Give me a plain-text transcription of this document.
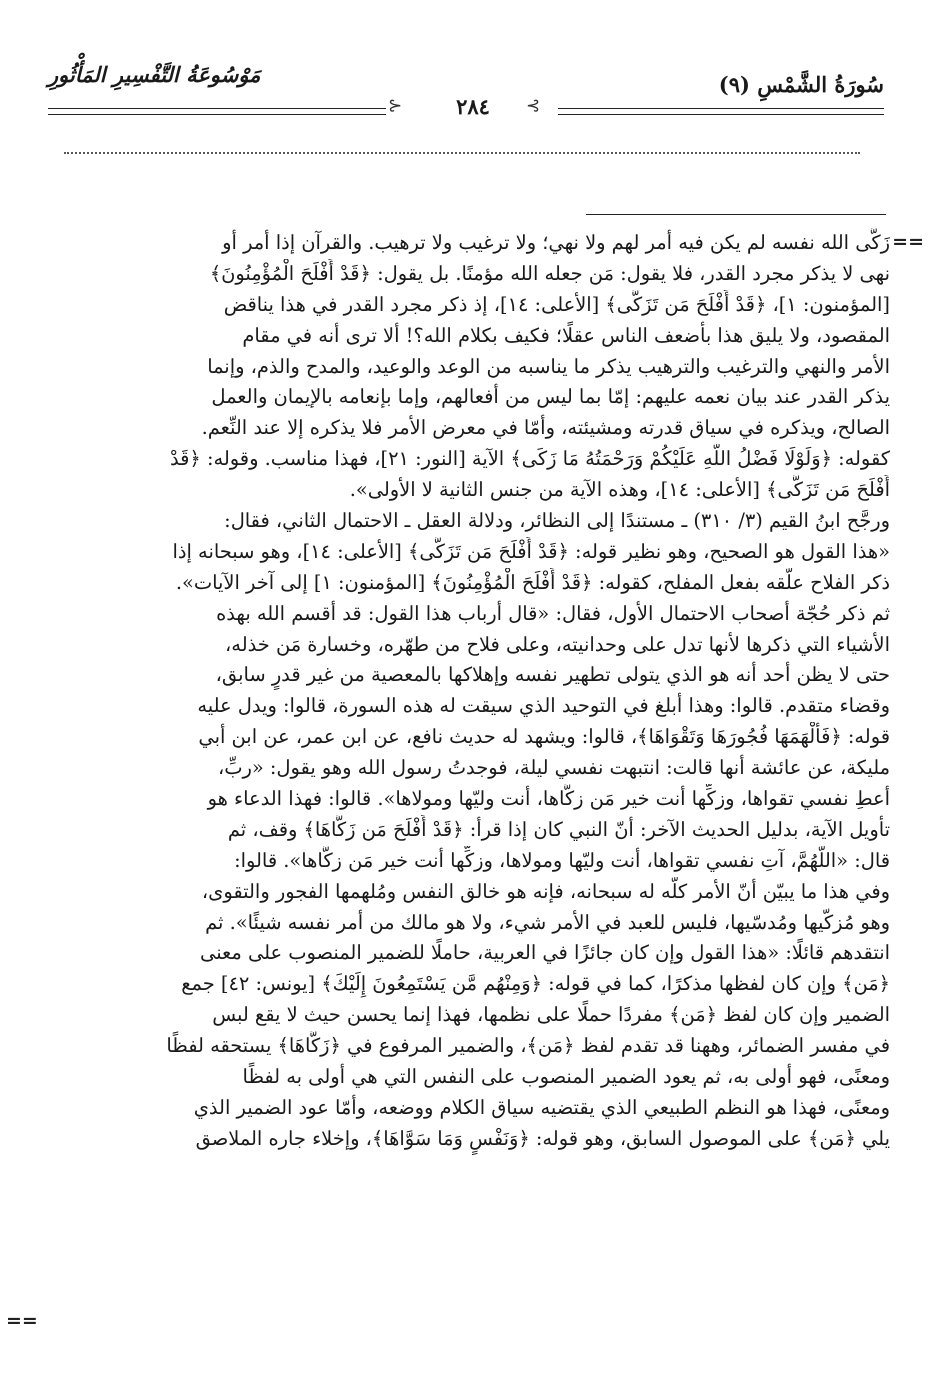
سُورَةُ الشَّمْسِ (٩)
مَوْسُوعَةُ التَّفْسِيرِ المَأْثُورِ
⊰	٢٨٤	⊱
==
زَكَّى الله نفسه لم يكن فيه أمر لهم ولا نهي؛ ولا ترغيب ولا ترهيب. والقرآن إذا أمر أو
نهى لا يذكر مجرد القدر، فلا يقول: مَن جعله الله مؤمنًا. بل يقول: ﴿قَدْ أَفْلَحَ الْمُؤْمِنُونَ﴾
[المؤمنون: ١]، ﴿قَدْ أَفْلَحَ مَن تَزَكَّى﴾ [الأعلى: ١٤]، إذ ذكر مجرد القدر في هذا يناقض
المقصود، ولا يليق هذا بأضعف الناس عقلًا؛ فكيف بكلام الله؟! ألا ترى أنه في مقام
الأمر والنهي والترغيب والترهيب يذكر ما يناسبه من الوعد والوعيد، والمدح والذم، وإنما
يذكر القدر عند بيان نعمه عليهم: إمّا بما ليس من أفعالهم، وإما بإنعامه بالإيمان والعمل
الصالح، ويذكره في سياق قدرته ومشيئته، وأمّا في معرض الأمر فلا يذكره إلا عند النِّعم.
كقوله: ﴿وَلَوْلَا فَضْلُ اللَّهِ عَلَيْكُمْ وَرَحْمَتُهُ مَا زَكَى﴾ الآية [النور: ٢١]، فهذا مناسب. وقوله: ﴿قَدْ
أَفْلَحَ مَن تَزَكَّى﴾ [الأعلى: ١٤]، وهذه الآية من جنس الثانية لا الأولى».
ورجَّح ابنُ القيم (٣/ ٣١٠) ـ مستندًا إلى النظائر، ودلالة العقل ـ الاحتمال الثاني، فقال:
«هذا القول هو الصحيح، وهو نظير قوله: ﴿قَدْ أَفْلَحَ مَن تَزَكَّى﴾ [الأعلى: ١٤]، وهو سبحانه إذا
ذكر الفلاح علّقه بفعل المفلح، كقوله: ﴿قَدْ أَفْلَحَ الْمُؤْمِنُونَ﴾ [المؤمنون: ١] إلى آخر الآيات».
ثم ذكر حُجّة أصحاب الاحتمال الأول، فقال: «قال أرباب هذا القول: قد أقسم الله بهذه
الأشياء التي ذكرها لأنها تدل على وحدانيته، وعلى فلاح من طهّره، وخسارة مَن خذله،
حتى لا يظن أحد أنه هو الذي يتولى تطهير نفسه وإهلاكها بالمعصية من غير قدرٍ سابق،
وقضاء متقدم. قالوا: وهذا أبلغ في التوحيد الذي سيقت له هذه السورة، قالوا: ويدل عليه
قوله: ﴿فَأَلْهَمَهَا فُجُورَهَا وَتَقْوَاهَا﴾، قالوا: ويشهد له حديث نافع، عن ابن عمر، عن ابن أبي
مليكة، عن عائشة أنها قالت: انتبهت نفسي ليلة، فوجدتُ رسول الله وهو يقول: «ربِّ،
أعطِ نفسي تقواها، وزكِّها أنت خير مَن زكَّاها، أنت وليّها ومولاها». قالوا: فهذا الدعاء هو
تأويل الآية، بدليل الحديث الآخر: أنّ النبي كان إذا قرأ: ﴿قَدْ أَفْلَحَ مَن زَكَّاهَا﴾ وقف، ثم
قال: «اللَّهُمَّ، آتِ نفسي تقواها، أنت وليّها ومولاها، وزكِّها أنت خير مَن زكَّاها». قالوا:
وفي هذا ما يبيّن أنّ الأمر كلّه له سبحانه، فإنه هو خالق النفس ومُلهمها الفجور والتقوى،
وهو مُزكّيها ومُدسّيها، فليس للعبد في الأمر شيء، ولا هو مالك من أمر نفسه شيئًا». ثم
انتقدهم قائلًا: «هذا القول وإن كان جائزًا في العربية، حاملًا للضمير المنصوب على معنى
﴿مَن﴾ وإن كان لفظها مذكرًا، كما في قوله: ﴿وَمِنْهُم مَّن يَسْتَمِعُونَ إِلَيْكَ﴾ [يونس: ٤٢] جمع
الضمير وإن كان لفظ ﴿مَن﴾ مفردًا حملًا على نظمها، فهذا إنما يحسن حيث لا يقع لبس
في مفسر الضمائر، وههنا قد تقدم لفظ ﴿مَن﴾، والضمير المرفوع في ﴿زَكَّاهَا﴾ يستحقه لفظًا
ومعنًى، فهو أولى به، ثم يعود الضمير المنصوب على النفس التي هي أولى به لفظًا
ومعنًى، فهذا هو النظم الطبيعي الذي يقتضيه سياق الكلام ووضعه، وأمّا عود الضمير الذي
يلي ﴿مَن﴾ على الموصول السابق، وهو قوله: ﴿وَنَفْسٍ وَمَا سَوَّاهَا﴾، وإخلاء جاره الملاصق
==
